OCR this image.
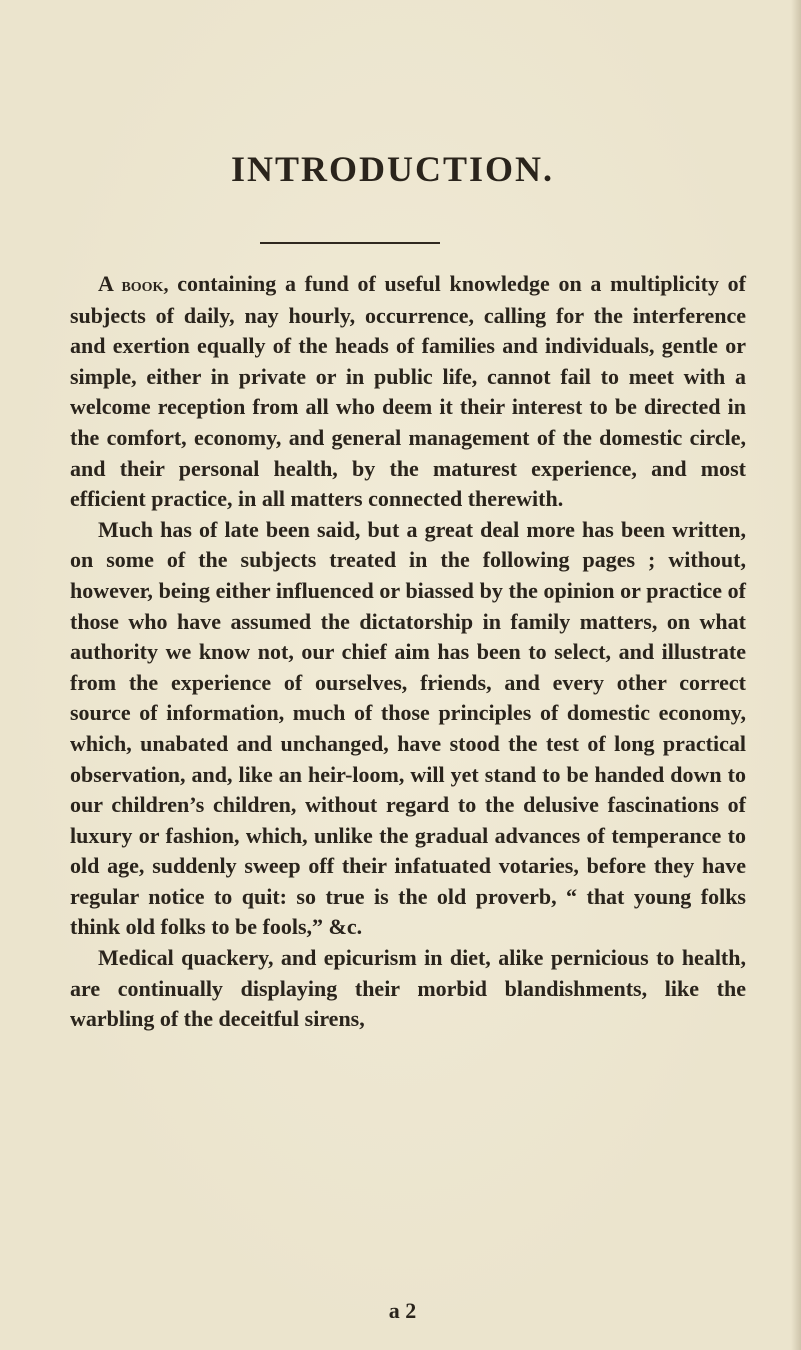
INTRODUCTION.

A book, containing a fund of useful knowledge on a multiplicity of subjects of daily, nay hourly, occurrence, calling for the interference and exertion equally of the heads of families and individuals, gentle or simple, either in private or in public life, cannot fail to meet with a welcome reception from all who deem it their interest to be directed in the comfort, economy, and general management of the domestic circle, and their personal health, by the maturest experience, and most efficient practice, in all matters connected therewith.

Much has of late been said, but a great deal more has been written, on some of the subjects treated in the following pages ; without, however, being either influenced or biassed by the opinion or practice of those who have assumed the dictatorship in family matters, on what authority we know not, our chief aim has been to select, and illustrate from the experience of ourselves, friends, and every other correct source of information, much of those principles of domestic economy, which, unabated and unchanged, have stood the test of long practical observation, and, like an heir-loom, will yet stand to be handed down to our children’s children, without regard to the delusive fascinations of luxury or fashion, which, unlike the gradual advances of temperance to old age, suddenly sweep off their infatuated votaries, before they have regular notice to quit: so true is the old proverb, “ that young folks think old folks to be fools,” &c.

Medical quackery, and epicurism in diet, alike pernicious to health, are continually displaying their morbid blandishments, like the warbling of the deceitful sirens,

a 2
